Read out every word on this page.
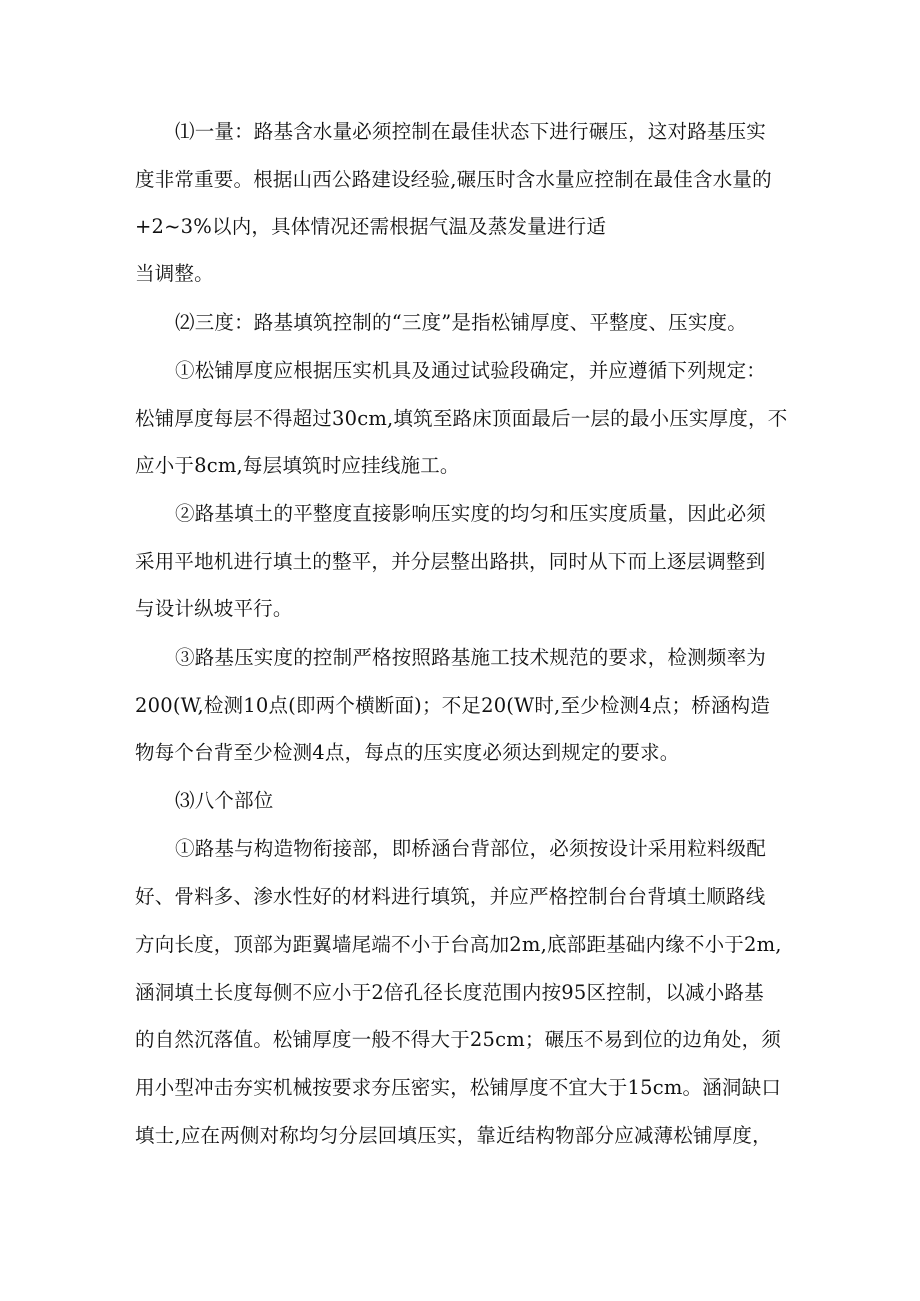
⑴一量：路基含水量必须控制在最佳状态下进行碾压，这对路基压实
度非常重要。根据山西公路建设经验,碾压时含水量应控制在最佳含水量的
+2~3%以内，具体情况还需根据气温及蒸发量进行适
当调整。
⑵三度：路基填筑控制的“三度”是指松铺厚度、平整度、压实度。
①松铺厚度应根据压实机具及通过试验段确定，并应遵循下列规定：
松铺厚度每层不得超过30cm,填筑至路床顶面最后一层的最小压实厚度，不
应小于8cm,每层填筑时应挂线施工。
②路基填土的平整度直接影响压实度的均匀和压实度质量，因此必须
采用平地机进行填土的整平，并分层整出路拱，同时从下而上逐层调整到
与设计纵坡平行。
③路基压实度的控制严格按照路基施工技术规范的要求，检测频率为
200(W,检测10点(即两个横断面)；不足20(W时,至少检测4点；桥涵构造
物每个台背至少检测4点，每点的压实度必须达到规定的要求。
⑶八个部位
①路基与构造物衔接部，即桥涵台背部位，必须按设计采用粒料级配
好、骨料多、渗水性好的材料进行填筑，并应严格控制台台背填土顺路线
方向长度，顶部为距翼墙尾端不小于台高加2m,底部距基础内缘不小于2m,
涵洞填土长度每侧不应小于2倍孔径长度范围内按95区控制，以减小路基
的自然沉落值。松铺厚度一般不得大于25cm；碾压不易到位的边角处，须
用小型冲击夯实机械按要求夯压密实，松铺厚度不宜大于15cm。涵洞缺口
填士,应在两侧对称均匀分层回填压实，靠近结构物部分应减薄松铺厚度，
